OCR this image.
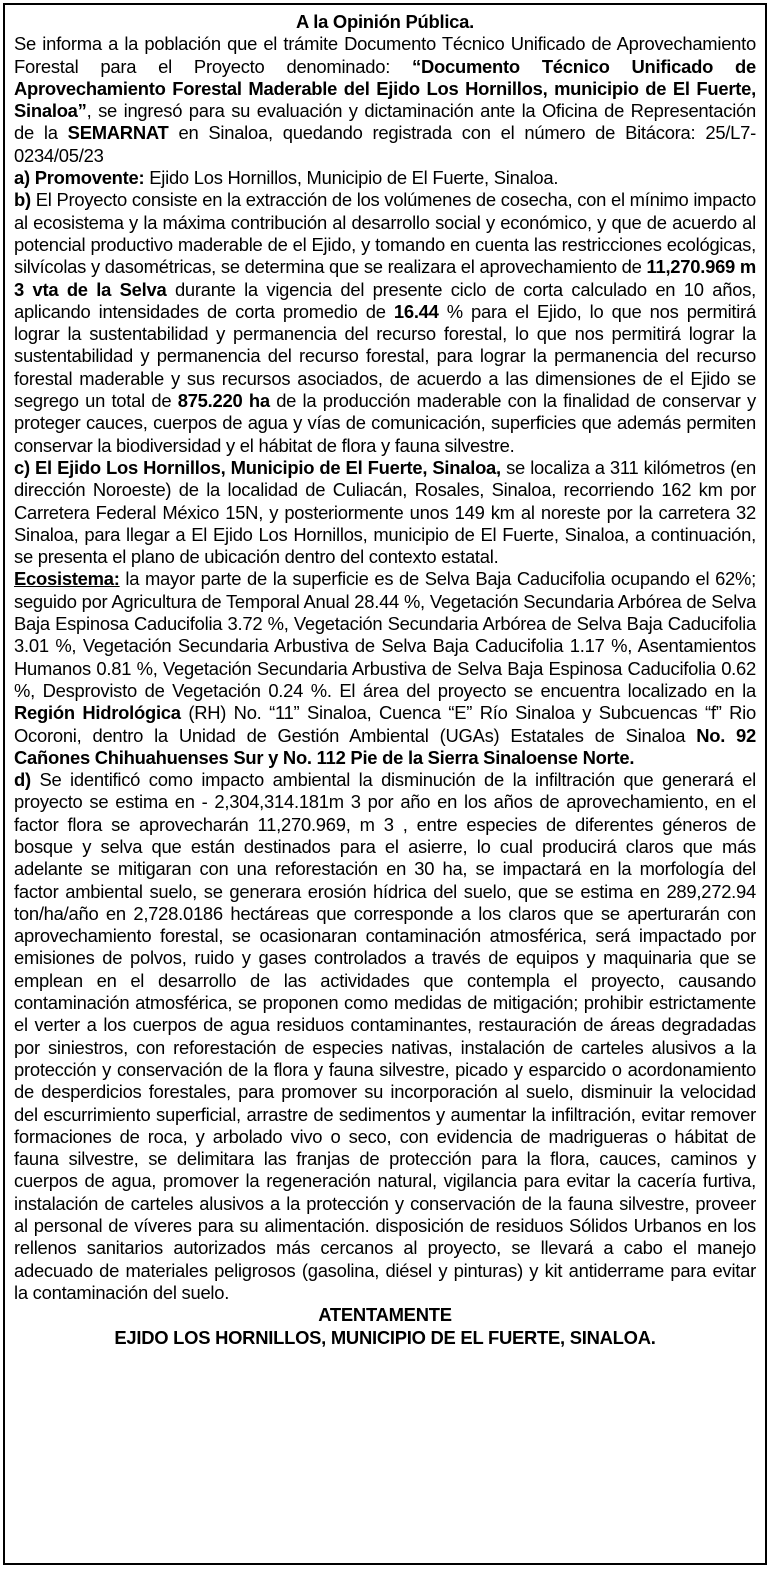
A la Opinión Pública.

Se informa a la población que el trámite Documento Técnico Unificado de Aprovechamiento Forestal para el Proyecto denominado: “Documento Técnico Unificado de Aprovechamiento Forestal Maderable del Ejido Los Hornillos, municipio de El Fuerte, Sinaloa”, se ingresó para su evaluación y dictaminación ante la Oficina de Representación de la SEMARNAT en Sinaloa, quedando registrada con el número de Bitácora: 25/L7-0234/05/23

a) Promovente: Ejido Los Hornillos, Municipio de El Fuerte, Sinaloa.

b) El Proyecto consiste en la extracción de los volúmenes de cosecha, con el mínimo impacto al ecosistema y la máxima contribución al desarrollo social y económico, y que de acuerdo al potencial productivo maderable de el Ejido, y tomando en cuenta las restricciones ecológicas, silvícolas y dasométricas, se determina que se realizara el aprovechamiento de 11,270.969 m 3 vta de la Selva durante la vigencia del presente ciclo de corta calculado en 10 años, aplicando intensidades de corta promedio de 16.44 % para el Ejido, lo que nos permitirá lograr la sustentabilidad y permanencia del recurso forestal, lo que nos permitirá lograr la sustentabilidad y permanencia del recurso forestal, para lograr la permanencia del recurso forestal maderable y sus recursos asociados, de acuerdo a las dimensiones de el Ejido se segrego un total de 875.220 ha de la producción maderable con la finalidad de conservar y proteger cauces, cuerpos de agua y vías de comunicación, superficies que además permiten conservar la biodiversidad y el hábitat de flora y fauna silvestre.

c) El Ejido Los Hornillos, Municipio de El Fuerte, Sinaloa, se localiza a 311 kilómetros (en dirección Noroeste) de la localidad de Culiacán, Rosales, Sinaloa, recorriendo 162 km por Carretera Federal México 15N, y posteriormente unos 149 km al noreste por la carretera 32 Sinaloa, para llegar a El Ejido Los Hornillos, municipio de El Fuerte, Sinaloa, a continuación, se presenta el plano de ubicación dentro del contexto estatal.

Ecosistema: la mayor parte de la superficie es de Selva Baja Caducifolia ocupando el 62%; seguido por Agricultura de Temporal Anual 28.44 %, Vegetación Secundaria Arbórea de Selva Baja Espinosa Caducifolia 3.72 %, Vegetación Secundaria Arbórea de Selva Baja Caducifolia 3.01 %, Vegetación Secundaria Arbustiva de Selva Baja Caducifolia 1.17 %, Asentamientos Humanos 0.81 %, Vegetación Secundaria Arbustiva de Selva Baja Espinosa Caducifolia 0.62 %, Desprovisto de Vegetación 0.24 %. El área del proyecto se encuentra localizado en la Región Hidrológica (RH) No. “11” Sinaloa, Cuenca “E” Río Sinaloa y Subcuencas “f” Rio Ocoroni, dentro la Unidad de Gestión Ambiental (UGAs) Estatales de Sinaloa No. 92 Cañones Chihuahuenses Sur y No. 112 Pie de la Sierra Sinaloense Norte.

d) Se identificó como impacto ambiental la disminución de la infiltración que generará el proyecto se estima en - 2,304,314.181m 3 por año en los años de aprovechamiento, en el factor flora se aprovecharán 11,270.969, m 3 , entre especies de diferentes géneros de bosque y selva que están destinados para el asierre, lo cual producirá claros que más adelante se mitigaran con una reforestación en 30 ha, se impactará en la morfología del factor ambiental suelo, se generara erosión hídrica del suelo, que se estima en 289,272.94 ton/ha/año en 2,728.0186 hectáreas que corresponde a los claros que se aperturarán con aprovechamiento forestal, se ocasionaran contaminación atmosférica, será impactado por emisiones de polvos, ruido y gases controlados a través de equipos y maquinaria que se emplean en el desarrollo de las actividades que contempla el proyecto, causando contaminación atmosférica, se proponen como medidas de mitigación; prohibir estrictamente el verter a los cuerpos de agua residuos contaminantes, restauración de áreas degradadas por siniestros, con reforestación de especies nativas, instalación de carteles alusivos a la protección y conservación de la flora y fauna silvestre, picado y esparcido o acordonamiento de desperdicios forestales, para promover su incorporación al suelo, disminuir la velocidad del escurrimiento superficial, arrastre de sedimentos y aumentar la infiltración, evitar remover formaciones de roca, y arbolado vivo o seco, con evidencia de madrigueras o hábitat de fauna silvestre, se delimitara las franjas de protección para la flora, cauces, caminos y cuerpos de agua, promover la regeneración natural, vigilancia para evitar la cacería furtiva, instalación de carteles alusivos a la protección y conservación de la fauna silvestre, proveer al personal de víveres para su alimentación. disposición de residuos Sólidos Urbanos en los rellenos sanitarios autorizados más cercanos al proyecto, se llevará a cabo el manejo adecuado de materiales peligrosos (gasolina, diésel y pinturas) y kit antiderrame para evitar la contaminación del suelo.

ATENTAMENTE

EJIDO LOS HORNILLOS, MUNICIPIO DE EL FUERTE, SINALOA.
